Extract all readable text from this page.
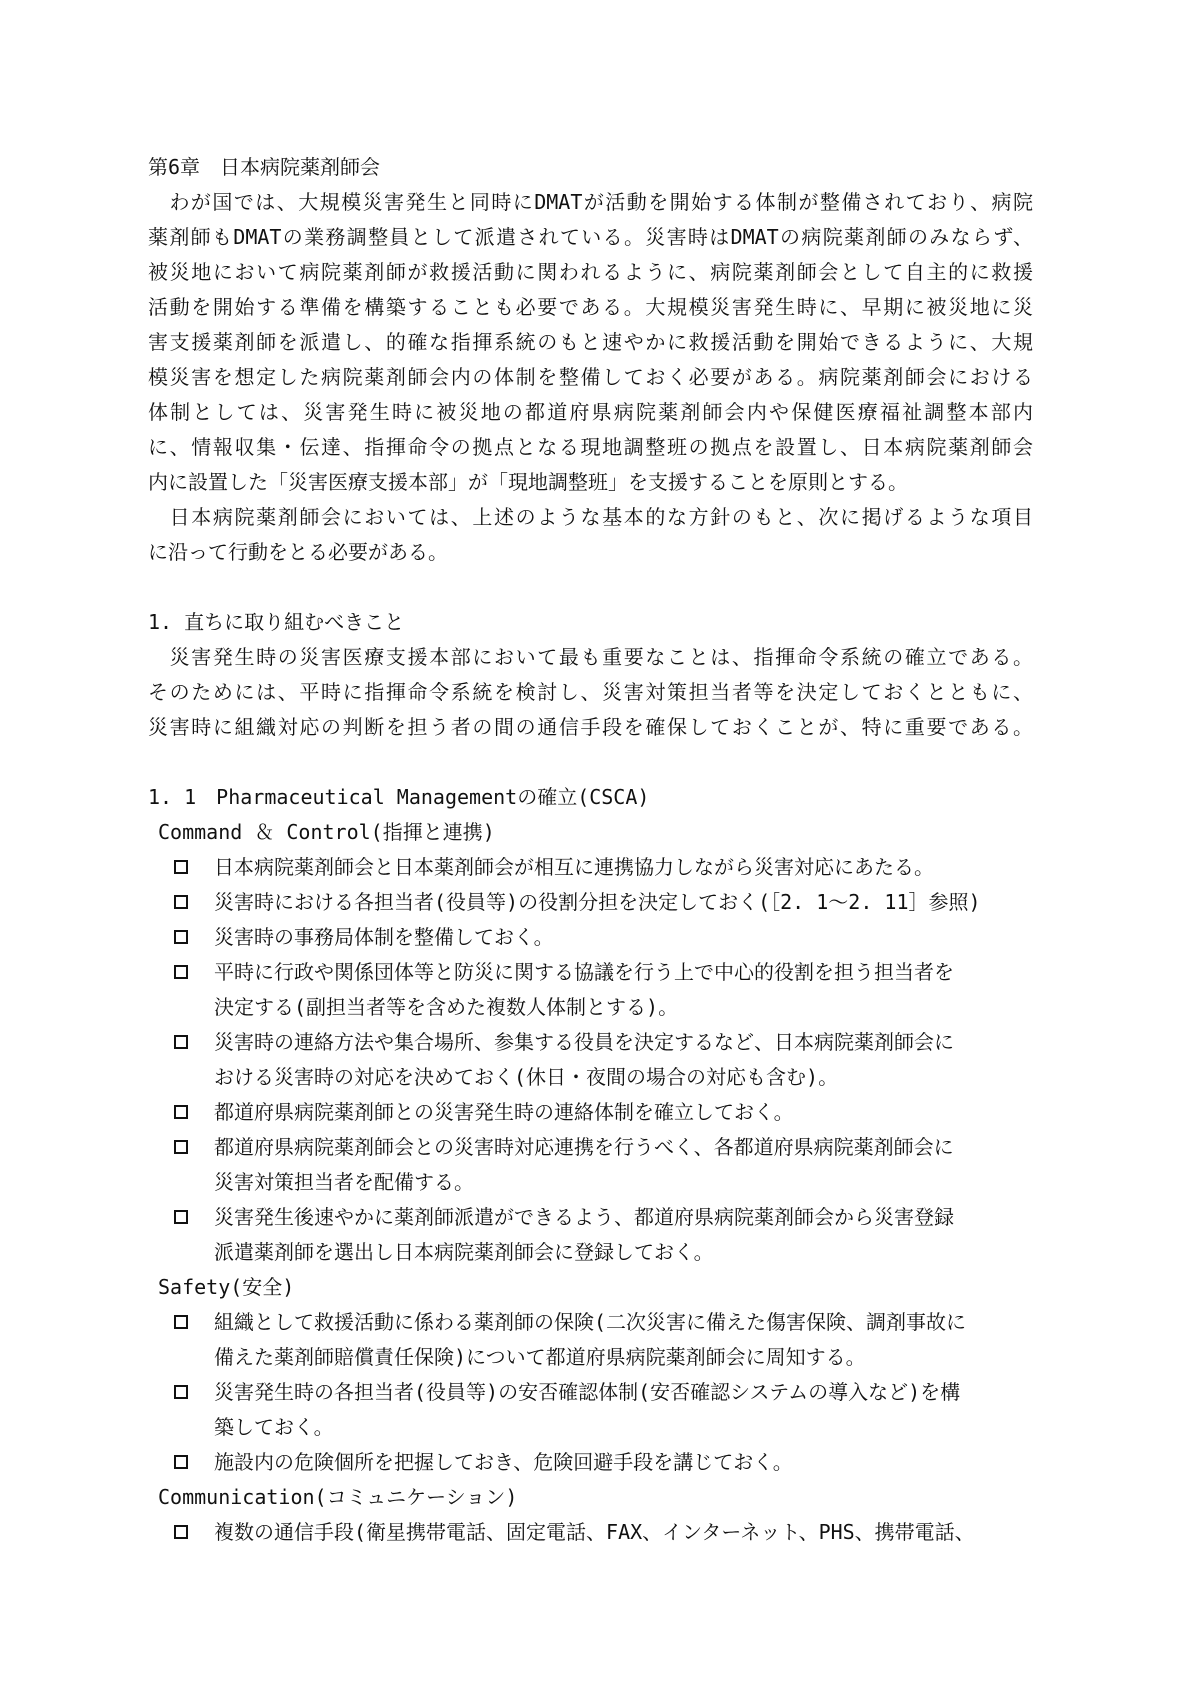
第6章　日本病院薬剤師会
　わが国では、大規模災害発生と同時にDMATが活動を開始する体制が整備されており、病院
薬剤師もDMATの業務調整員として派遣されている。災害時はDMATの病院薬剤師のみならず、
被災地において病院薬剤師が救援活動に関われるように、病院薬剤師会として自主的に救援
活動を開始する準備を構築することも必要である。大規模災害発生時に、早期に被災地に災
害支援薬剤師を派遣し、的確な指揮系統のもと速やかに救援活動を開始できるように、大規
模災害を想定した病院薬剤師会内の体制を整備しておく必要がある。病院薬剤師会における
体制としては、災害発生時に被災地の都道府県病院薬剤師会内や保健医療福祉調整本部内
に、情報収集・伝達、指揮命令の拠点となる現地調整班の拠点を設置し、日本病院薬剤師会
内に設置した「災害医療支援本部」が「現地調整班」を支援することを原則とする。
　日本病院薬剤師会においては、上述のような基本的な方針のもと、次に掲げるような項目
に沿って行動をとる必要がある。
1. 直ちに取り組むべきこと
　災害発生時の災害医療支援本部において最も重要なことは、指揮命令系統の確立である。
そのためには、平時に指揮命令系統を検討し、災害対策担当者等を決定しておくとともに、
災害時に組織対応の判断を担う者の間の通信手段を確保しておくことが、特に重要である。
1. 1　Pharmaceutical Managementの確立(CSCA)
Command ＆ Control(指揮と連携)
日本病院薬剤師会と日本薬剤師会が相互に連携協力しながら災害対応にあたる。
災害時における各担当者(役員等)の役割分担を決定しておく(［2. 1～2. 11］参照)
災害時の事務局体制を整備しておく。
平時に行政や関係団体等と防災に関する協議を行う上で中心的役割を担う担当者を
決定する(副担当者等を含めた複数人体制とする)。
災害時の連絡方法や集合場所、参集する役員を決定するなど、日本病院薬剤師会に
おける災害時の対応を決めておく(休日・夜間の場合の対応も含む)。
都道府県病院薬剤師との災害発生時の連絡体制を確立しておく。
都道府県病院薬剤師会との災害時対応連携を行うべく、各都道府県病院薬剤師会に
災害対策担当者を配備する。
災害発生後速やかに薬剤師派遣ができるよう、都道府県病院薬剤師会から災害登録
派遣薬剤師を選出し日本病院薬剤師会に登録しておく。
Safety(安全)
組織として救援活動に係わる薬剤師の保険(二次災害に備えた傷害保険、調剤事故に
備えた薬剤師賠償責任保険)について都道府県病院薬剤師会に周知する。
災害発生時の各担当者(役員等)の安否確認体制(安否確認システムの導入など)を構
築しておく。
施設内の危険個所を把握しておき、危険回避手段を講じておく。
Communication(コミュニケーション)
複数の通信手段(衛星携帯電話、固定電話、FAX、インターネット、PHS、携帯電話、
